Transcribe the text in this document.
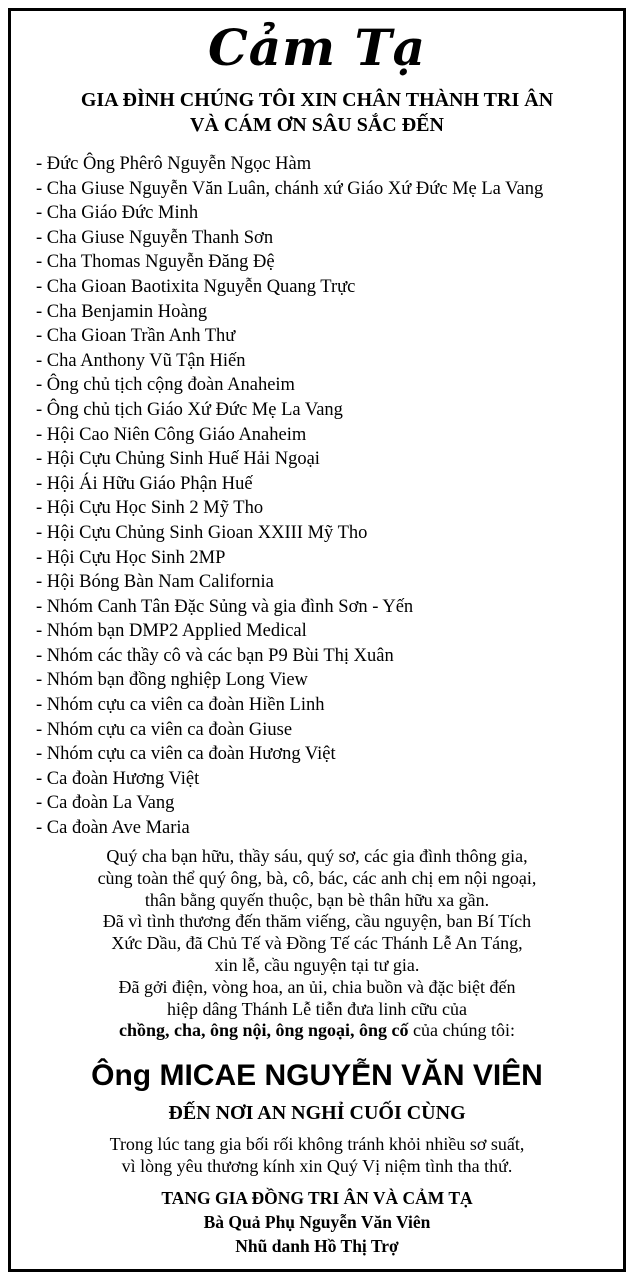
Cảm Tạ
GIA ĐÌNH CHÚNG TÔI XIN CHÂN THÀNH TRI ÂN
VÀ CÁM ƠN SÂU SẮC ĐẾN
- Đức Ông Phêrô Nguyễn Ngọc Hàm
- Cha Giuse Nguyễn Văn Luân, chánh xứ Giáo Xứ Đức Mẹ La Vang
- Cha Giáo Đức Minh
- Cha Giuse Nguyễn Thanh Sơn
- Cha Thomas Nguyễn Đăng Đệ
- Cha Gioan Baotixita Nguyễn Quang Trực
- Cha Benjamin Hoàng
- Cha Gioan Trần Anh Thư
- Cha Anthony Vũ Tận Hiến
- Ông chủ tịch cộng đoàn Anaheim
- Ông chủ tịch Giáo Xứ Đức Mẹ La Vang
- Hội Cao Niên Công Giáo Anaheim
- Hội Cựu Chủng Sinh Huế Hải Ngoại
- Hội Ái Hữu Giáo Phận Huế
- Hội Cựu Học Sinh 2 Mỹ Tho
- Hội Cựu Chủng Sinh Gioan XXIII Mỹ Tho
- Hội Cựu Học Sinh 2MP
- Hội Bóng Bàn Nam California
- Nhóm Canh Tân Đặc Sủng và gia đình Sơn - Yến
- Nhóm bạn DMP2 Applied Medical
- Nhóm các thầy cô và các bạn P9 Bùi Thị Xuân
- Nhóm bạn đồng nghiệp Long View
- Nhóm cựu ca viên ca đoàn Hiền Linh
- Nhóm cựu ca viên ca đoàn Giuse
- Nhóm cựu ca viên ca đoàn Hương Việt
- Ca đoàn Hương Việt
- Ca đoàn La Vang
- Ca đoàn Ave Maria
Quý cha bạn hữu, thầy sáu, quý sơ, các gia đình thông gia,
cùng toàn thể quý ông, bà, cô, bác, các anh chị em nội ngoại,
thân bằng quyến thuộc, bạn bè thân hữu xa gần.
Đã vì tình thương đến thăm viếng, cầu nguyện, ban Bí Tích
Xức Dầu, đã Chủ Tế và Đồng Tế các Thánh Lễ An Táng,
xin lễ, cầu nguyện tại tư gia.
Đã gởi điện, vòng hoa, an ủi, chia buồn và đặc biệt đến
hiệp dâng Thánh Lễ tiễn đưa linh cữu của
chồng, cha, ông nội, ông ngoại, ông cố của chúng tôi:
Ông MICAE NGUYỄN VĂN VIÊN
ĐẾN NƠI AN NGHỈ CUỐI CÙNG
Trong lúc tang gia bối rối không tránh khỏi nhiều sơ suất,
vì lòng yêu thương kính xin Quý Vị niệm tình tha thứ.
TANG GIA ĐỒNG TRI ÂN VÀ CẢM TẠ
Bà Quả Phụ Nguyễn Văn Viên
Nhũ danh Hồ Thị Trợ
